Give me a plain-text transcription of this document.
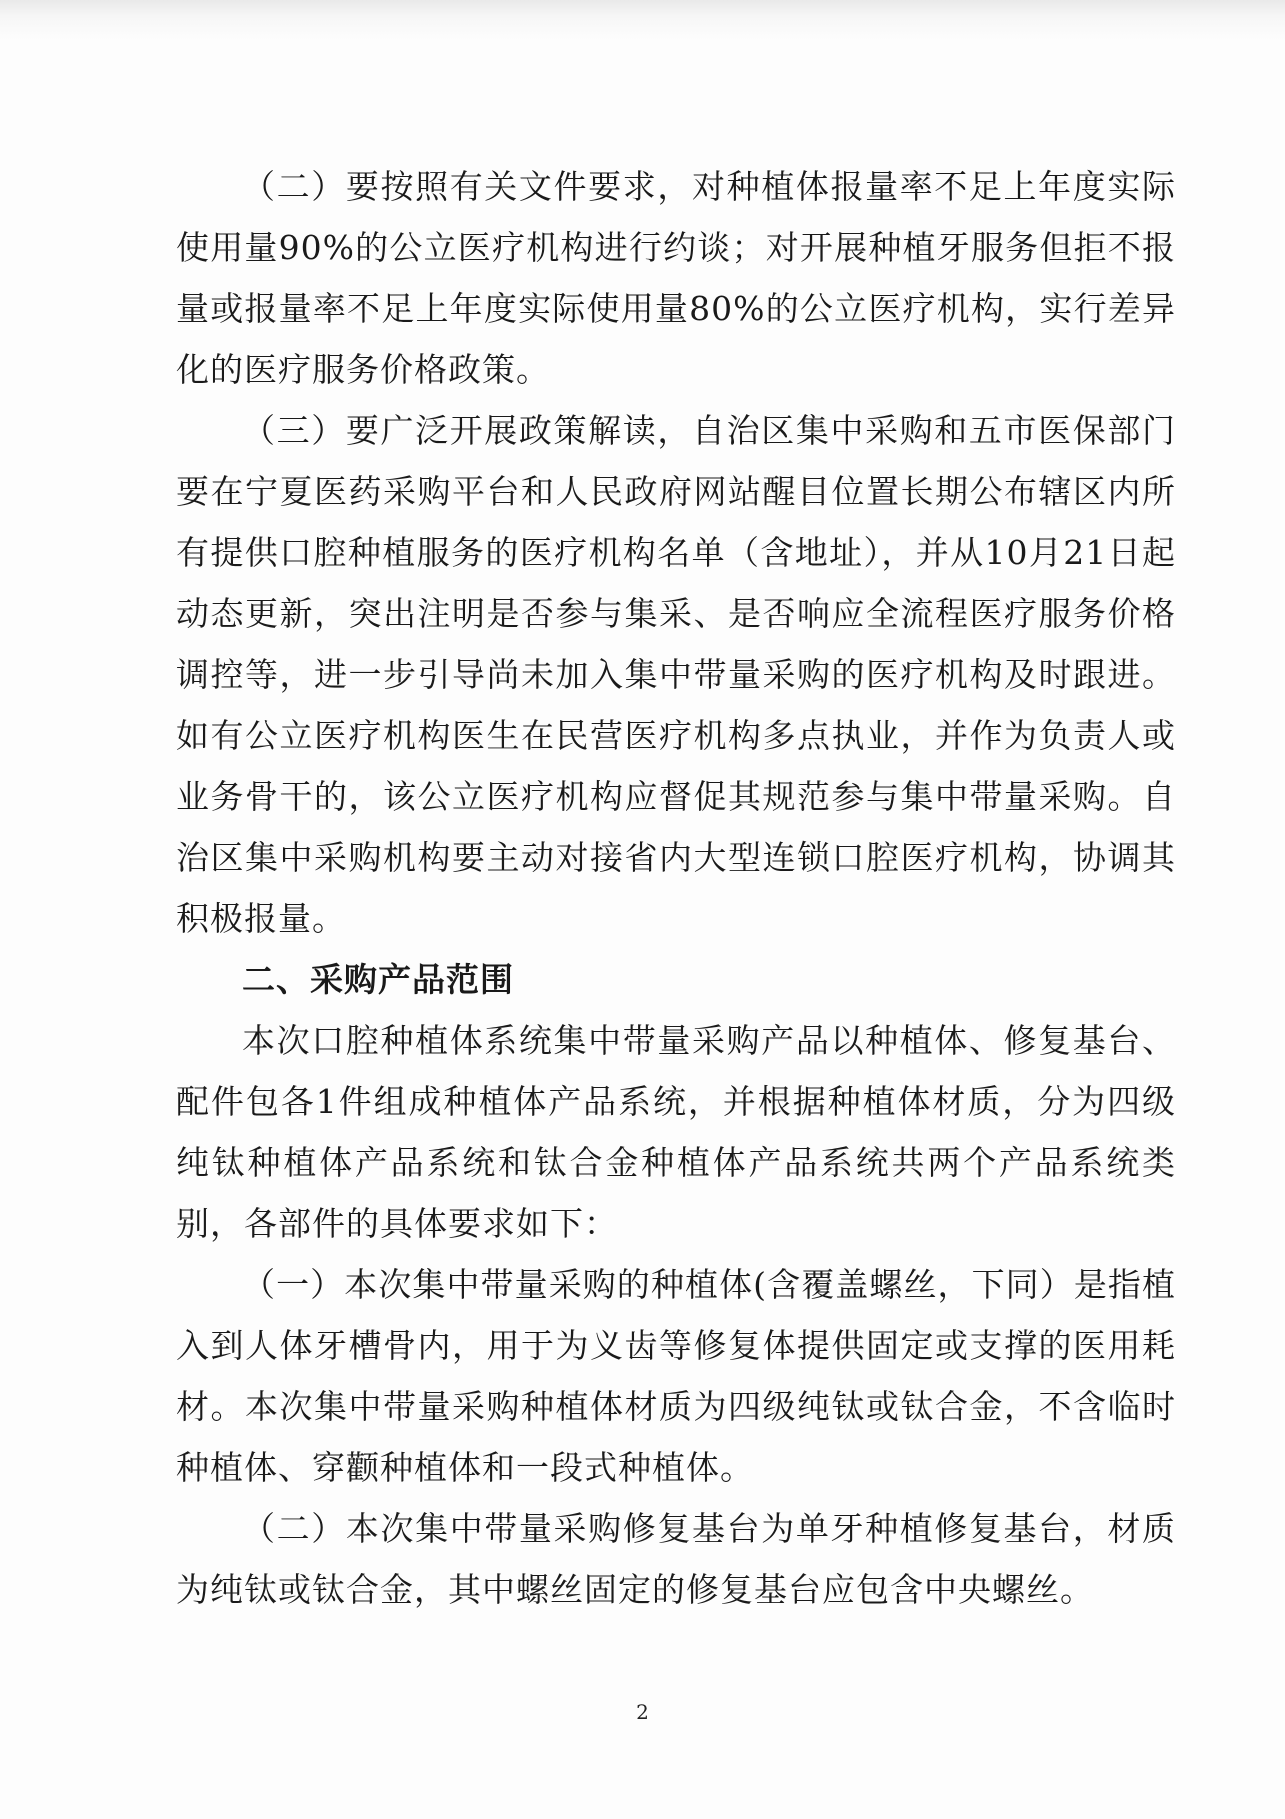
（二）要按照有关文件要求，对种植体报量率不足上年度实际使用量90%的公立医疗机构进行约谈；对开展种植牙服务但拒不报量或报量率不足上年度实际使用量80%的公立医疗机构，实行差异化的医疗服务价格政策。

（三）要广泛开展政策解读，自治区集中采购和五市医保部门要在宁夏医药采购平台和人民政府网站醒目位置长期公布辖区内所有提供口腔种植服务的医疗机构名单（含地址），并从10月21日起动态更新，突出注明是否参与集采、是否响应全流程医疗服务价格调控等，进一步引导尚未加入集中带量采购的医疗机构及时跟进。如有公立医疗机构医生在民营医疗机构多点执业，并作为负责人或业务骨干的，该公立医疗机构应督促其规范参与集中带量采购。自治区集中采购机构要主动对接省内大型连锁口腔医疗机构，协调其积极报量。

二、采购产品范围

本次口腔种植体系统集中带量采购产品以种植体、修复基台、配件包各1件组成种植体产品系统，并根据种植体材质，分为四级纯钛种植体产品系统和钛合金种植体产品系统共两个产品系统类别，各部件的具体要求如下：

（一）本次集中带量采购的种植体(含覆盖螺丝，下同）是指植入到人体牙槽骨内，用于为义齿等修复体提供固定或支撑的医用耗材。本次集中带量采购种植体材质为四级纯钛或钛合金，不含临时种植体、穿颧种植体和一段式种植体。

（二）本次集中带量采购修复基台为单牙种植修复基台，材质为纯钛或钛合金，其中螺丝固定的修复基台应包含中央螺丝。

2
